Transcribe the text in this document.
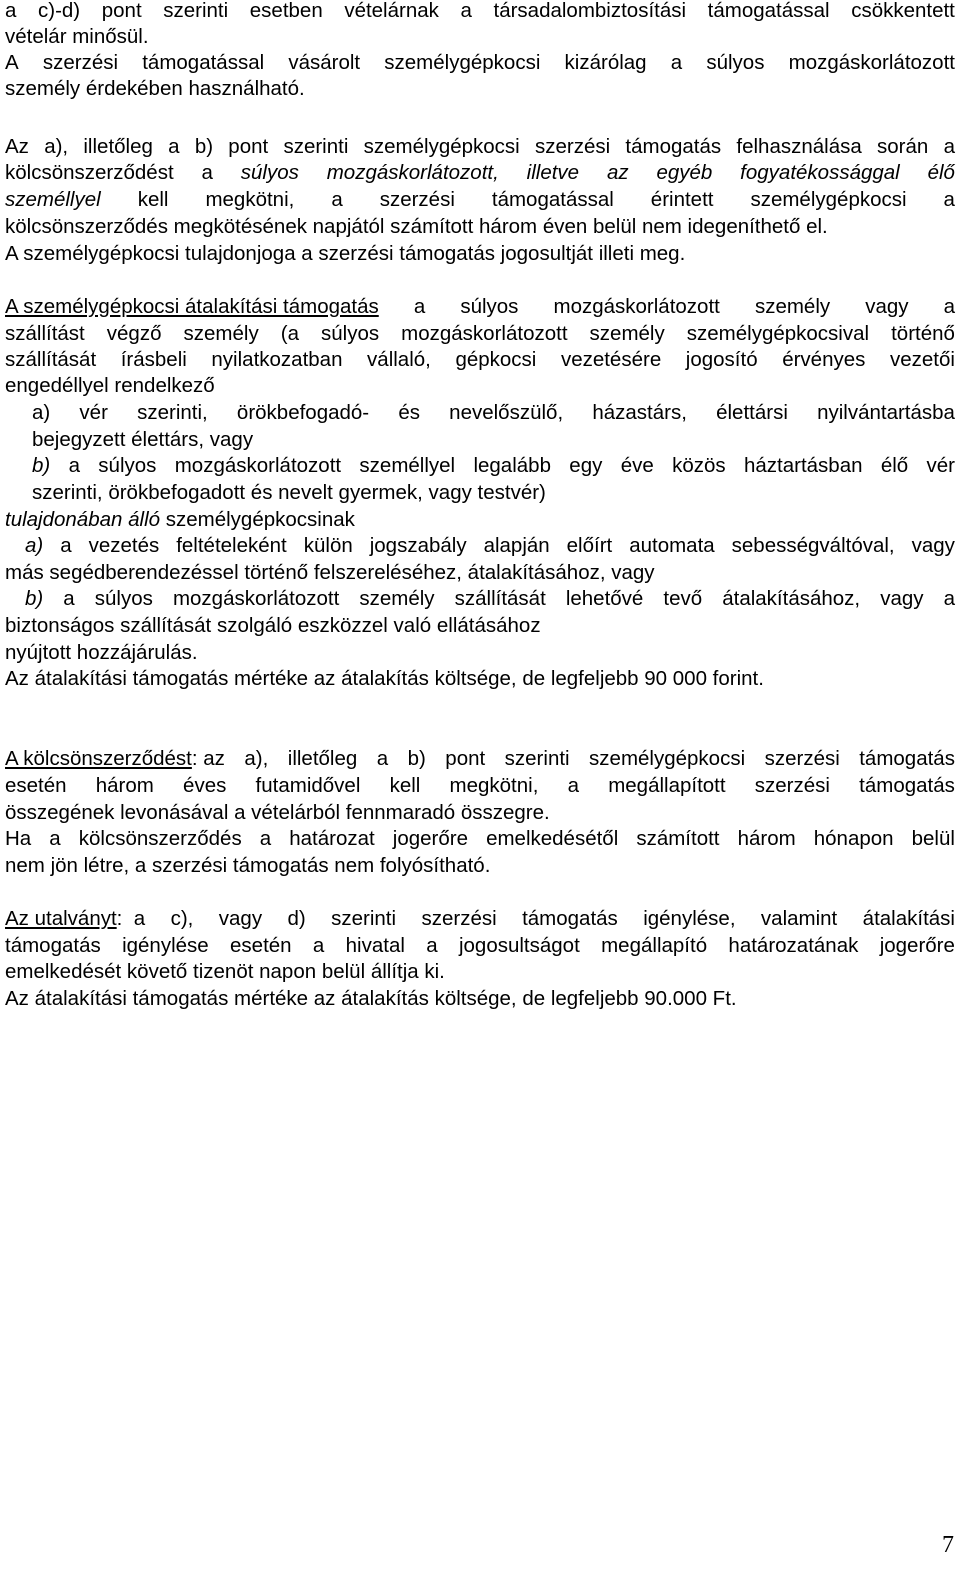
a c)-d) pont szerinti esetben vételárnak a társadalombiztosítási támogatással csökkentett
vételár minősül.
A szerzési támogatással vásárolt személygépkocsi kizárólag a súlyos mozgáskorlátozott
személy érdekében használható.
Az a), illetőleg a b) pont szerinti személygépkocsi szerzési támogatás felhasználása során a
kölcsönszerződést a súlyos mozgáskorlátozott, illetve az egyéb fogyatékossággal élő
személlyel kell megkötni, a szerzési támogatással érintett személygépkocsi a
kölcsönszerződés megkötésének napjától számított három éven belül nem idegeníthető el.
A személygépkocsi tulajdonjoga a szerzési támogatás jogosultját illeti meg.
A személygépkocsi átalakítási támogatás a súlyos mozgáskorlátozott személy vagy a
szállítást végző személy (a súlyos mozgáskorlátozott személy személygépkocsival történő
szállítását írásbeli nyilatkozatban vállaló, gépkocsi vezetésére jogosító érvényes vezetői
engedéllyel rendelkező
a) vér szerinti, örökbefogadó- és nevelőszülő, házastárs, élettársi nyilvántartásba
bejegyzett élettárs, vagy
b) a súlyos mozgáskorlátozott személlyel legalább egy éve közös háztartásban élő vér
szerinti, örökbefogadott és nevelt gyermek, vagy testvér)
tulajdonában álló személygépkocsinak
a) a vezetés feltételeként külön jogszabály alapján előírt automata sebességváltóval, vagy
más segédberendezéssel történő felszereléséhez, átalakításához, vagy
b) a súlyos mozgáskorlátozott személy szállítását lehetővé tevő átalakításához, vagy a
biztonságos szállítását szolgáló eszközzel való ellátásához
nyújtott hozzájárulás.
Az átalakítási támogatás mértéke az átalakítás költsége, de legfeljebb 90 000 forint.
A kölcsönszerződést: az a), illetőleg a b) pont szerinti személygépkocsi szerzési támogatás
esetén három éves futamidővel kell megkötni, a megállapított szerzési támogatás
összegének levonásával a vételárból fennmaradó összegre.
Ha a kölcsönszerződés a határozat jogerőre emelkedésétől számított három hónapon belül
nem jön létre, a szerzési támogatás nem folyósítható.
Az utalványt:  a c), vagy d) szerinti szerzési támogatás igénylése, valamint átalakítási
támogatás igénylése esetén a hivatal a jogosultságot megállapító határozatának jogerőre
emelkedését követő tizenöt napon belül állítja ki.
Az átalakítási támogatás mértéke az átalakítás költsége, de legfeljebb 90.000 Ft.
7
